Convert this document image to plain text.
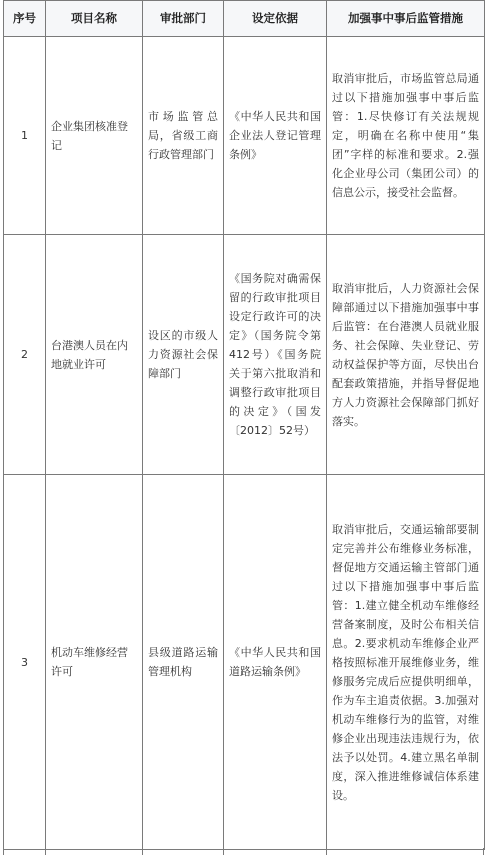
序号	项目名称	审批部门	设定依据	加强事中事后监管措施
1	企业集团核准登记	市场监管总局，省级工商行政管理部门	《中华人民共和国企业法人登记管理条例》	取消审批后，市场监管总局通过以下措施加强事中事后监管：1.尽快修订有关法规规定，明确在名称中使用“集团”字样的标准和要求。2.强化企业母公司（集团公司）的信息公示，接受社会监督。
2	台港澳人员在内地就业许可	设区的市级人力资源社会保障部门	《国务院对确需保留的行政审批项目设定行政许可的决定》（国务院令第412号）《国务院关于第六批取消和调整行政审批项目的决定》（国发〔2012〕52号）	取消审批后，人力资源社会保障部通过以下措施加强事中事后监管：在台港澳人员就业服务、社会保障、失业登记、劳动权益保护等方面，尽快出台配套政策措施，并指导督促地方人力资源社会保障部门抓好落实。
3	机动车维修经营许可	县级道路运输管理机构	《中华人民共和国道路运输条例》	取消审批后，交通运输部要制定完善并公布维修业务标准，督促地方交通运输主管部门通过以下措施加强事中事后监管：1.建立健全机动车维修经营备案制度，及时公布相关信息。2.要求机动车维修企业严格按照标准开展维修业务，维修服务完成后应提供明细单，作为车主追责依据。3.加强对机动车维修行为的监管，对维修企业出现违法违规行为，依法予以处罚。4.建立黑名单制度，深入推进维修诚信体系建设。
